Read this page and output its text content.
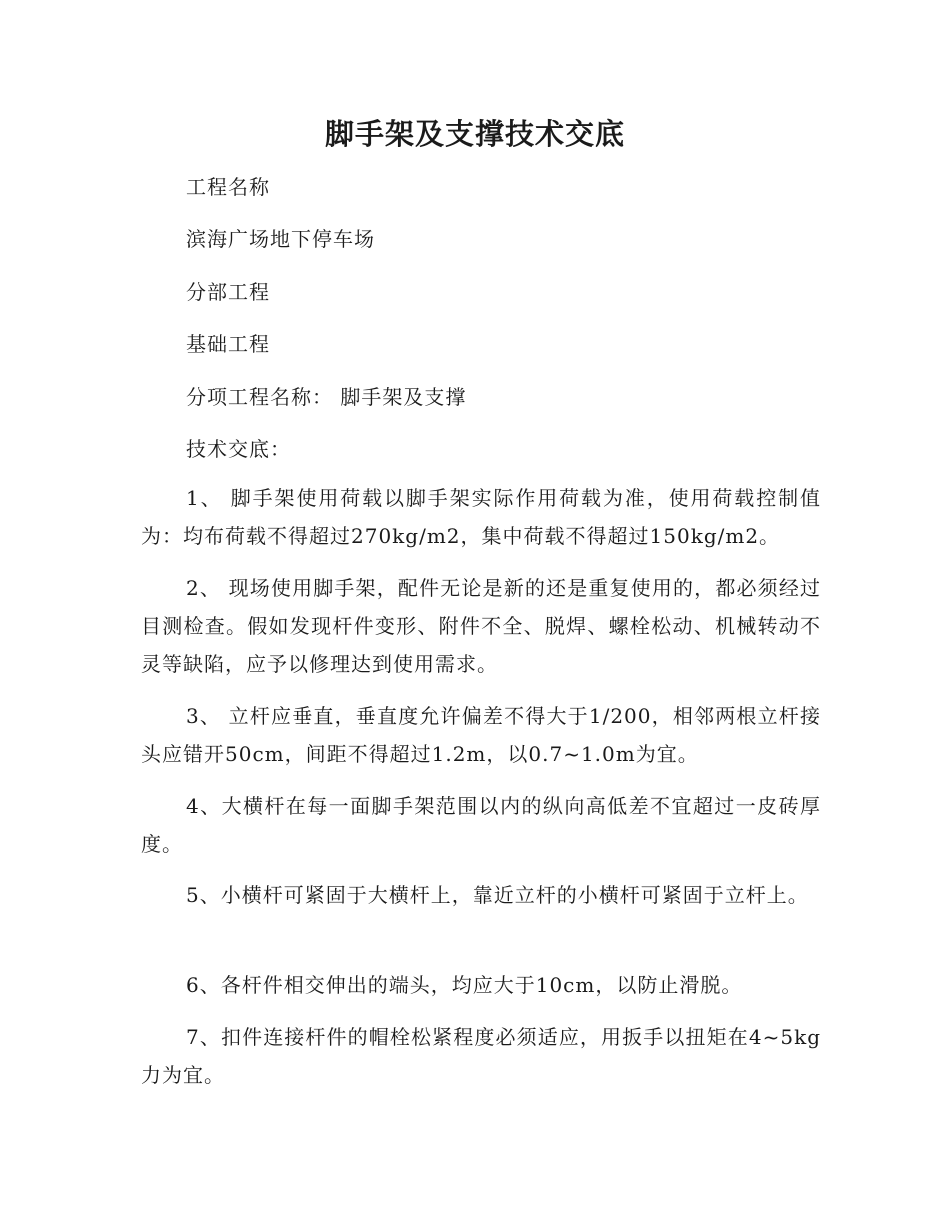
脚手架及支撑技术交底
工程名称
滨海广场地下停车场
分部工程
基础工程
分项工程名称： 脚手架及支撑
技术交底：
1、 脚手架使用荷载以脚手架实际作用荷载为准，使用荷载控制值为：均布荷载不得超过270kg/m2，集中荷载不得超过150kg/m2。
2、 现场使用脚手架，配件无论是新的还是重复使用的，都必须经过目测检查。假如发现杆件变形、附件不全、脱焊、螺栓松动、机械转动不灵等缺陷，应予以修理达到使用需求。
3、 立杆应垂直，垂直度允许偏差不得大于1/200，相邻两根立杆接头应错开50cm，间距不得超过1.2m，以0.7~1.0m为宜。
4、大横杆在每一面脚手架范围以内的纵向高低差不宜超过一皮砖厚度。
5、小横杆可紧固于大横杆上，靠近立杆的小横杆可紧固于立杆上。
6、各杆件相交伸出的端头，均应大于10cm，以防止滑脱。
7、扣件连接杆件的帽栓松紧程度必须适应，用扳手以扭矩在4~5kg力为宜。
